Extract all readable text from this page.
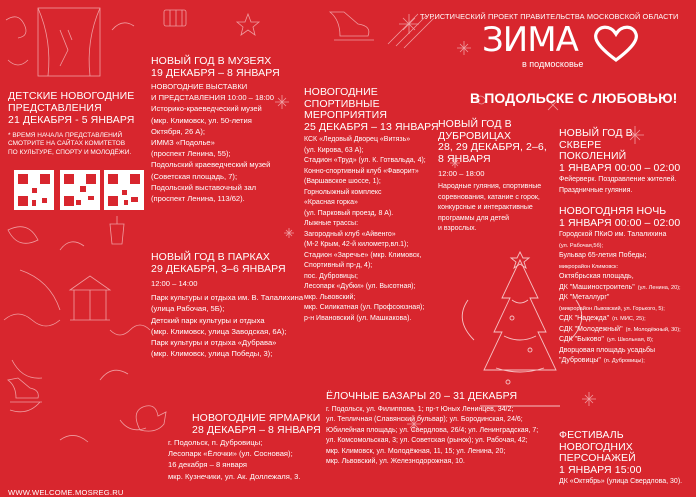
ТУРИСТИЧЕСКИЙ ПРОЕКТ ПРАВИТЕЛЬСТВА МОСКОВСКОЙ ОБЛАСТИ
ЗИМА
в подмосковье
В ПОДОЛЬСКЕ С ЛЮБОВЬЮ!
ДЕТСКИЕ НОВОГОДНИЕ ПРЕДСТАВЛЕНИЯ
21 ДЕКАБРЯ - 5 ЯНВАРЯ
* ВРЕМЯ НАЧАЛА ПРЕДСТАВЛЕНИЙ
СМОТРИТЕ НА САЙТАХ КОМИТЕТОВ
ПО КУЛЬТУРЕ, СПОРТУ И МОЛОДЁЖИ.
WWW.WELCOME.MOSREG.RU
НОВЫЙ ГОД В МУЗЕЯХ
19 ДЕКАБРЯ – 8 ЯНВАРЯ
НОВОГОДНИЕ ВЫСТАВКИ
И ПРЕДСТАВЛЕНИЯ 10:00 – 18:00
Историко-краеведческий музей
(мкр. Климовск, ул. 50-летия
Октября, 26 А);
ИММЗ «Подолье»
(проспект Ленина, 55);
Подольский краеведческий музей
(Советская площадь, 7);
Подольский выставочный зал
(проспект Ленина, 113/62).
НОВЫЙ ГОД В ПАРКАХ
29 ДЕКАБРЯ, 3–6 ЯНВАРЯ
12:00 – 14:00
Парк культуры и отдыха им. В. Талалихина
(улица Рабочая, 5Б);
Детский парк культуры и отдыха
(мкр. Климовск, улица Заводская, 6А);
Парк культуры и отдыха «Дубрава»
(мкр. Климовск, улица Победы, 3);
НОВОГОДНИЕ ЯРМАРКИ
28 ДЕКАБРЯ – 8 ЯНВАРЯ
г. Подольск, п. Дубровицы;
Лесопарк «Ёлочки» (ул. Сосновая);
16 декабря – 8 января
мкр. Кузнечики, ул. Ак. Доллежаля, 3.
НОВОГОДНИЕ СПОРТИВНЫЕ МЕРОПРИЯТИЯ
25 ДЕКАБРЯ – 13 ЯНВАРЯ
КСК «Ледовый Дворец «Витязь»
(ул. Кирова, 63 А);
Стадион «Труд» (ул. К. Готвальда, 4);
Конно-спортивный клуб «Фаворит»
(Варшавское шоссе, 1);
Горнолыжный комплекс
«Красная горка»
(ул. Парковый проезд, 8 А).
Лыжные трассы:
Загородный клуб «Айвенго»
(М-2 Крым, 42-й километр,вл.1);
Стадион «Заречье» (мкр. Климовск,
Спортивный пр-д, 4);
пос. Дубровицы;
Лесопарк «Дубки» (ул. Высотная);
мкр. Львовский;
мкр. Силикатная (ул. Профсоюзная);
р-н Ивановский (ул. Машкакова).
НОВЫЙ ГОД В ДУБРОВИЦАХ
28, 29 ДЕКАБРЯ, 2–6, 8 ЯНВАРЯ
12:00 – 18:00
Народные гуляния, спортивные
соревнования, катание с горок,
конкурсные и интерактивные
программы для детей
и взрослых.
НОВЫЙ ГОД В СКВЕРЕ ПОКОЛЕНИЙ
1 ЯНВАРЯ 00:00 – 02:00
Фейерверк. Поздравление жителей.
Праздничные гуляния.
НОВОГОДНЯЯ НОЧЬ
1 ЯНВАРЯ 00:00 – 02:00
Городской ПКиО им. Талалихина
(ул. Рабочая,5б);
Бульвар 65-летия Победы;
микрорайон Климовск:
Октябрьская площадь,
ДК "Машиностроитель" (ул. Ленина, 20);
ДК "Металлург"
(микрорайон Львовский, ул. Горького, 5);
СДК "Надежда" (п. МИС, 25);
СДК "Молодежный" (п. Молодёжный, 30);
СДК "Быково" (ул. Школьная, 8);
Дворцовая площадь усадьбы
"Дубровицы" (п. Дубровицы);
ЁЛОЧНЫЕ БАЗАРЫ 20 – 31 ДЕКАБРЯ
г. Подольск, ул. Филиппова, 1; пр-т Юных Ленинцев, 34/2;
ул. Тепличная (Славянский бульвар); ул. Бородинская, 24/6;
Юбилейная площадь; ул. Свердлова, 26/4; ул. Ленинградская, 7;
ул. Комсомольская, 3; ул. Советская (рынок); ул. Рабочая, 42;
мкр. Климовск, ул. Молодёжная, 11, 15; ул. Ленина, 20;
мкр. Львовский, ул. Железнодорожная, 10.
ФЕСТИВАЛЬ НОВОГОДНИХ ПЕРСОНАЖЕЙ
1 ЯНВАРЯ 15:00
ДК «Октябрь» (улица Свердлова, 30).
